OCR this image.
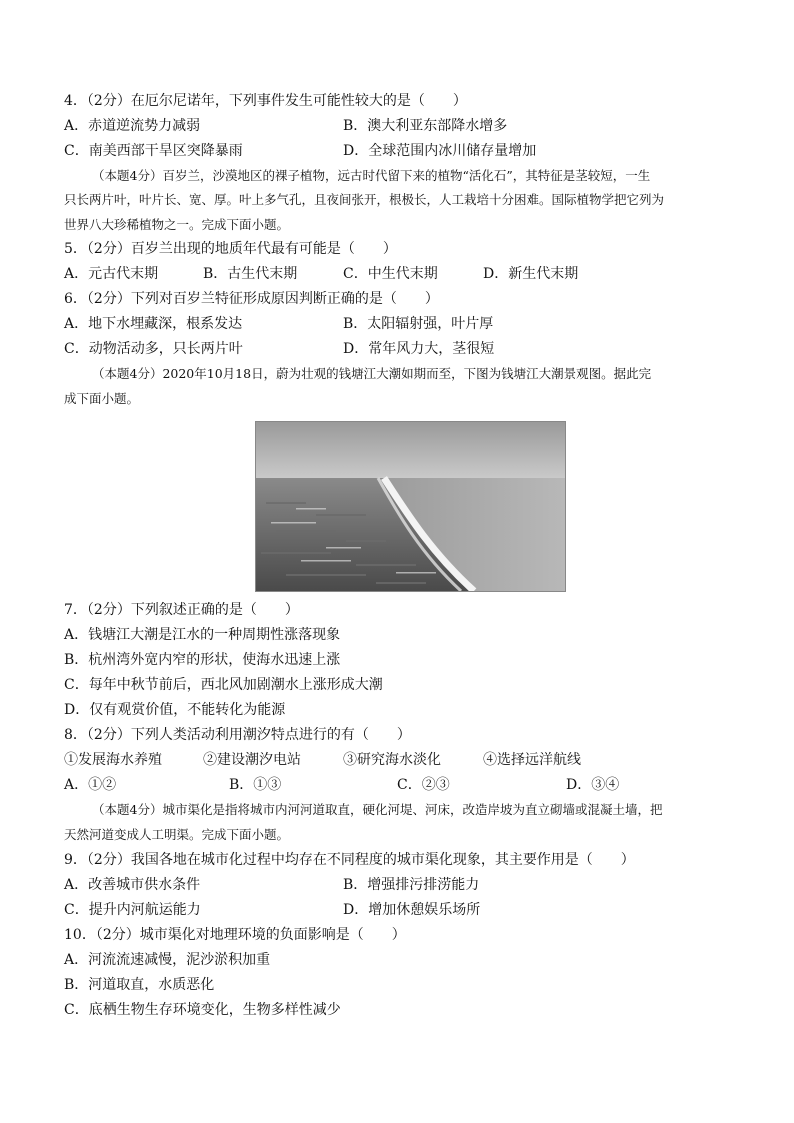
4．（2分）在厄尔尼诺年，下列事件发生可能性较大的是（　　）
A．赤道逆流势力减弱	B．澳大利亚东部降水增多
C．南美西部干旱区突降暴雨	D．全球范围内冰川储存量增加
（本题4分）百岁兰，沙漠地区的裸子植物，远古时代留下来的植物“活化石”，其特征是茎较短，一生
只长两片叶，叶片长、宽、厚。叶上多气孔，且夜间张开，根极长，人工栽培十分困难。国际植物学把它列为
世界八大珍稀植物之一。完成下面小题。
5．（2分）百岁兰出现的地质年代最有可能是（　　）
A．元古代末期	B．古生代末期	C．中生代末期	D．新生代末期
6．（2分）下列对百岁兰特征形成原因判断正确的是（　　）
A．地下水埋藏深，根系发达	B．太阳辐射强，叶片厚
C．动物活动多，只长两片叶	D．常年风力大，茎很短
（本题4分）2020年10月18日，蔚为壮观的钱塘江大潮如期而至，下图为钱塘江大潮景观图。据此完
成下面小题。
7．（2分）下列叙述正确的是（　　）
A．钱塘江大潮是江水的一种周期性涨落现象
B．杭州湾外宽内窄的形状，使海水迅速上涨
C．每年中秋节前后，西北风加剧潮水上涨形成大潮
D．仅有观赏价值，不能转化为能源
8．（2分）下列人类活动利用潮汐特点进行的有（　　）
①发展海水养殖	②建设潮汐电站	③研究海水淡化	④选择远洋航线
A．①②	B．①③	C．②③	D．③④
（本题4分）城市渠化是指将城市内河河道取直，硬化河堤、河床，改造岸坡为直立砌墙或混凝土墙，把
天然河道变成人工明渠。完成下面小题。
9．（2分）我国各地在城市化过程中均存在不同程度的城市渠化现象，其主要作用是（　　）
A．改善城市供水条件	B．增强排污排涝能力
C．提升内河航运能力	D．增加休憩娱乐场所
10．（2分）城市渠化对地理环境的负面影响是（　　）
A．河流流速减慢，泥沙淤积加重
B．河道取直，水质恶化
C．底栖生物生存环境变化，生物多样性减少
